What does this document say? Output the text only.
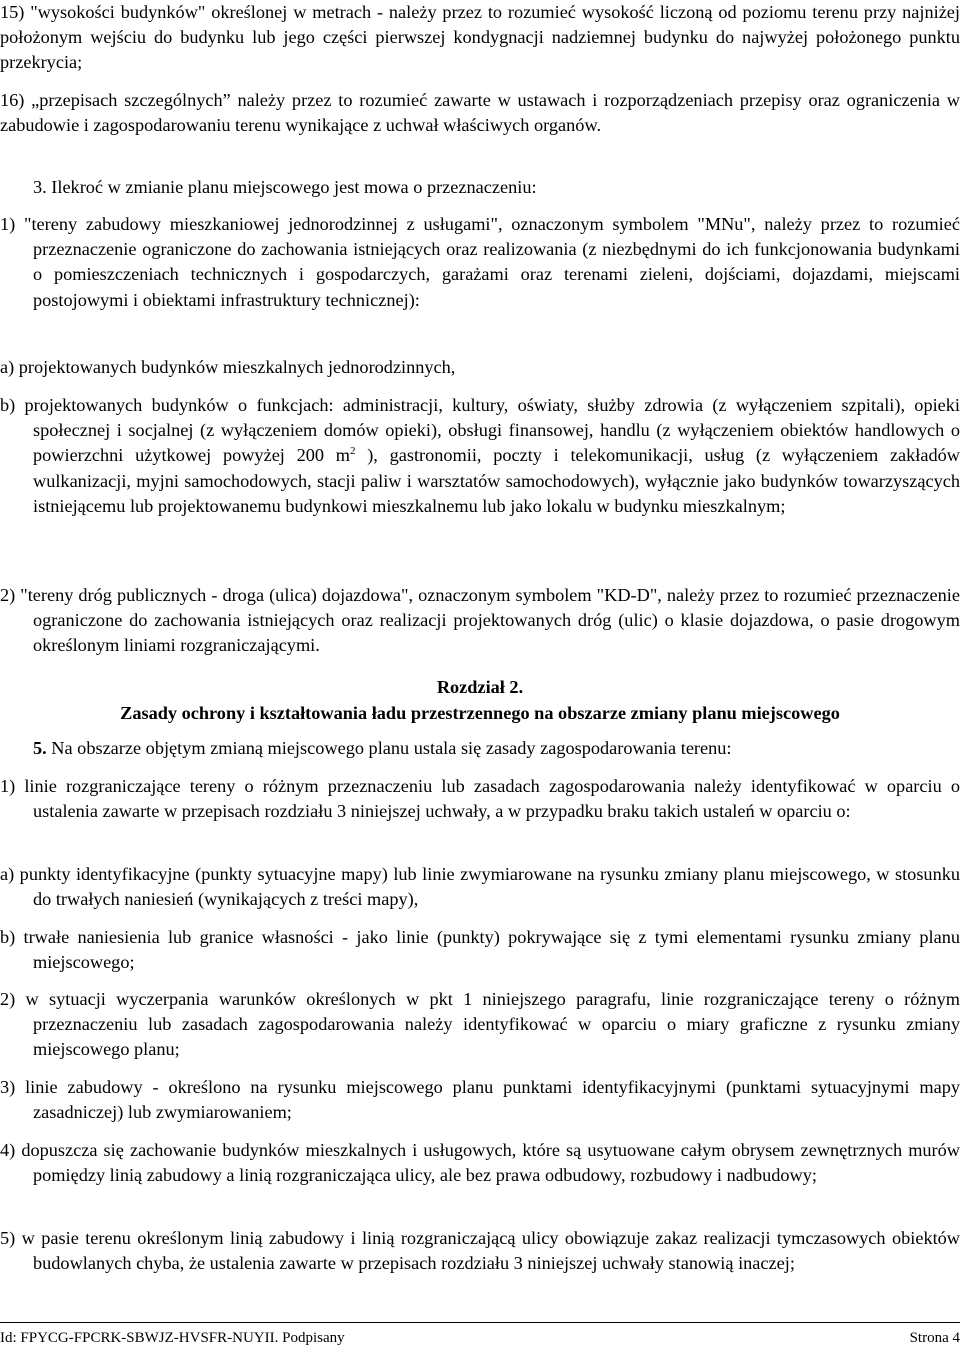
15) "wysokości budynków" określonej w metrach - należy przez to rozumieć wysokość liczoną od poziomu terenu przy najniżej położonym wejściu do budynku lub jego części pierwszej kondygnacji nadziemnej budynku do najwyżej położonego punktu przekrycia;
16) „przepisach szczególnych” należy przez to rozumieć zawarte w ustawach i rozporządzeniach przepisy oraz ograniczenia w zabudowie i zagospodarowaniu terenu wynikające z uchwał właściwych organów.
3. Ilekroć w zmianie planu miejscowego jest mowa o przeznaczeniu:
1) "tereny zabudowy mieszkaniowej jednorodzinnej z usługami", oznaczonym symbolem "MNu", należy przez to rozumieć przeznaczenie ograniczone do zachowania istniejących oraz realizowania (z niezbędnymi do ich funkcjonowania budynkami o pomieszczeniach technicznych i gospodarczych, garażami oraz terenami zieleni, dojściami, dojazdami, miejscami postojowymi i obiektami infrastruktury technicznej):
a) projektowanych budynków mieszkalnych jednorodzinnych,
b) projektowanych budynków o funkcjach: administracji, kultury, oświaty, służby zdrowia (z wyłączeniem szpitali), opieki społecznej i socjalnej (z wyłączeniem domów opieki), obsługi finansowej, handlu (z wyłączeniem obiektów handlowych o powierzchni użytkowej powyżej 200 $m^2$ ), gastronomii, poczty i telekomunikacji, usług (z wyłączeniem zakładów wulkanizacji, myjni samochodowych, stacji paliw i warsztatów samochodowych), wyłącznie jako budynków towarzyszących istniejącemu lub projektowanemu budynkowi mieszkalnemu lub jako lokalu w budynku mieszkalnym;
2) "tereny dróg publicznych - droga (ulica) dojazdowa", oznaczonym symbolem "KD-D", należy przez to rozumieć przeznaczenie ograniczone do zachowania istniejących oraz realizacji projektowanych dróg (ulic) o klasie dojazdowa, o pasie drogowym określonym liniami rozgraniczającymi.
Rozdział 2.
Zasady ochrony i kształtowania ładu przestrzennego na obszarze zmiany planu miejscowego
5. Na obszarze objętym zmianą miejscowego planu ustala się zasady zagospodarowania terenu:
1) linie rozgraniczające tereny o różnym przeznaczeniu lub zasadach zagospodarowania należy identyfikować w oparciu o ustalenia zawarte w przepisach rozdziału 3 niniejszej uchwały, a w przypadku braku takich ustaleń w oparciu o:
a) punkty identyfikacyjne (punkty sytuacyjne mapy) lub linie zwymiarowane na rysunku zmiany planu miejscowego, w stosunku do trwałych naniesień (wynikających z treści mapy),
b) trwałe naniesienia lub granice własności - jako linie (punkty) pokrywające się z tymi elementami rysunku zmiany planu miejscowego;
2) w sytuacji wyczerpania warunków określonych w pkt 1 niniejszego paragrafu, linie rozgraniczające tereny o różnym przeznaczeniu lub zasadach zagospodarowania należy identyfikować w oparciu o miary graficzne z rysunku zmiany miejscowego planu;
3) linie zabudowy - określono na rysunku miejscowego planu punktami identyfikacyjnymi (punktami sytuacyjnymi mapy zasadniczej) lub zwymiarowaniem;
4) dopuszcza się zachowanie budynków mieszkalnych i usługowych, które są usytuowane całym obrysem zewnętrznych murów pomiędzy linią zabudowy a linią rozgraniczająca ulicy, ale bez prawa odbudowy, rozbudowy i nadbudowy;
5) w pasie terenu określonym linią zabudowy i linią rozgraniczającą ulicy obowiązuje zakaz realizacji tymczasowych obiektów budowlanych chyba, że ustalenia zawarte w przepisach rozdziału 3 niniejszej uchwały stanowią inaczej;
Id: FPYCG-FPCRK-SBWJZ-HVSFR-NUYII. Podpisany	Strona 4
